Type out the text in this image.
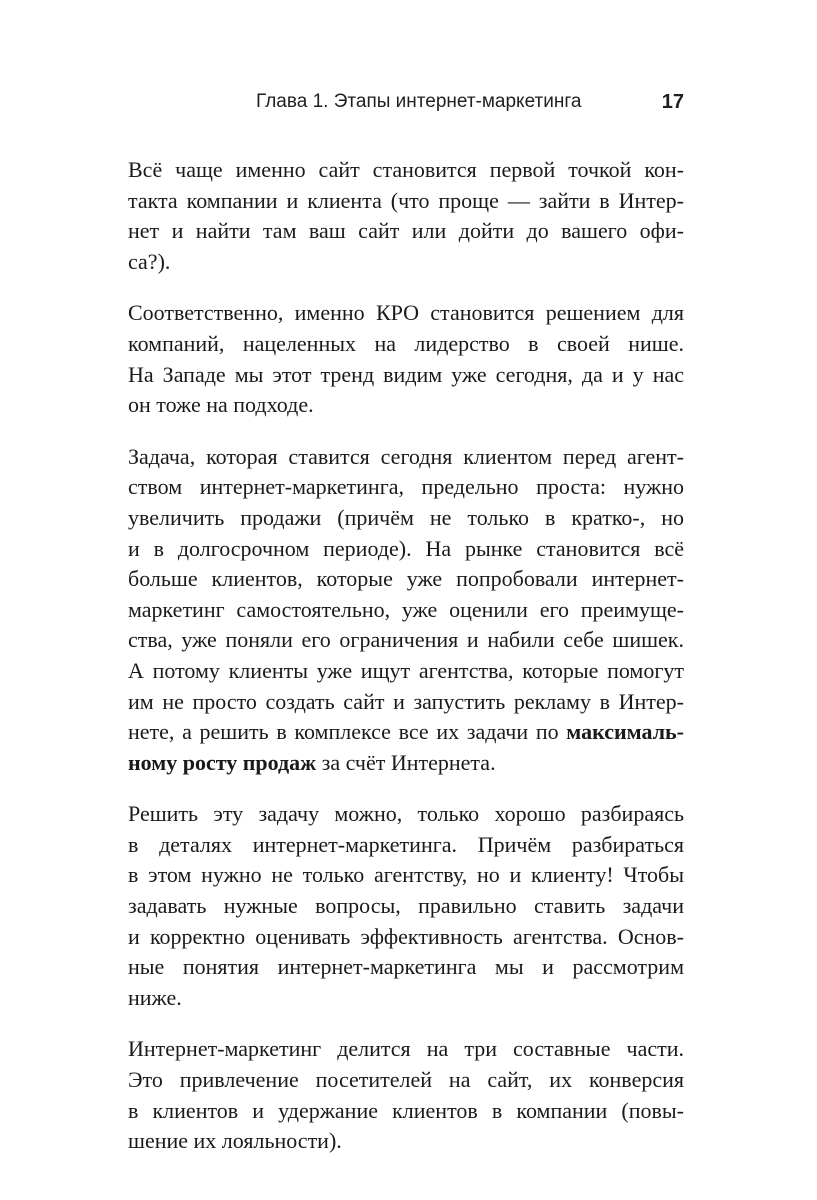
Глава 1. Этапы интернет-маркетинга	17

Всё чаще именно сайт становится первой точкой кон-
такта компании и клиента (что проще — зайти в Интер-
нет и найти там ваш сайт или дойти до вашего офи-
са?).

Соответственно, именно КРО становится решением для
компаний, нацеленных на лидерство в своей нише.
На Западе мы этот тренд видим уже сегодня, да и у нас
он тоже на подходе.

Задача, которая ставится сегодня клиентом перед агент-
ством интернет-маркетинга, предельно проста: нужно
увеличить продажи (причём не только в кратко-, но
и в долгосрочном периоде). На рынке становится всё
больше клиентов, которые уже попробовали интернет-
маркетинг самостоятельно, уже оценили его преимуще-
ства, уже поняли его ограничения и набили себе шишек.
А потому клиенты уже ищут агентства, которые помогут
им не просто создать сайт и запустить рекламу в Интер-
нете, а решить в комплексе все их задачи по максималь-
ному росту продаж за счёт Интернета.

Решить эту задачу можно, только хорошо разбираясь
в деталях интернет-маркетинга. Причём разбираться
в этом нужно не только агентству, но и клиенту! Чтобы
задавать нужные вопросы, правильно ставить задачи
и корректно оценивать эффективность агентства. Основ-
ные понятия интернет-маркетинга мы и рассмотрим
ниже.

Интернет-маркетинг делится на три составные части.
Это привлечение посетителей на сайт, их конверсия
в клиентов и удержание клиентов в компании (повы-
шение их лояльности).
